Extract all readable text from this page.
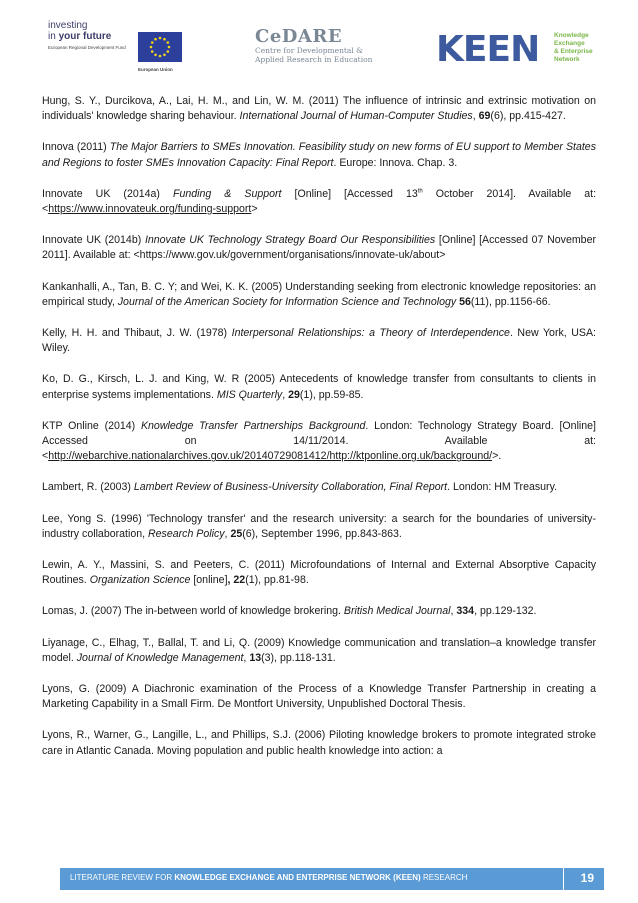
investing
in your future
European Regional Development Fund
European Union
CeDARE
Centre for Developmental &
Applied Research in Education	KEEN Knowledge
Exchange
& Enterprise
Network

Hung, S. Y., Durcikova, A., Lai, H. M., and Lin, W. M. (2011) The influence of intrinsic and extrinsic motivation on individuals' knowledge sharing behaviour. International Journal of Human-Computer Studies, 69(6), pp.415-427.

Innova (2011) The Major Barriers to SMEs Innovation. Feasibility study on new forms of EU support to Member States and Regions to foster SMEs Innovation Capacity: Final Report. Europe: Innova. Chap. 3.

Innovate UK (2014a) Funding & Support [Online] [Accessed 13th October 2014]. Available at: <https://www.innovateuk.org/funding-support>

Innovate UK (2014b) Innovate UK Technology Strategy Board Our Responsibilities [Online] [Accessed 07 November 2011]. Available at: <https://www.gov.uk/government/organisations/innovate-uk/about>

Kankanhalli, A., Tan, B. C. Y; and Wei, K. K. (2005) Understanding seeking from electronic knowledge repositories: an empirical study, Journal of the American Society for Information Science and Technology 56(11), pp.1156-66.

Kelly, H. H. and Thibaut, J. W. (1978) Interpersonal Relationships: a Theory of Interdependence. New York, USA: Wiley.

Ko, D. G., Kirsch, L. J. and King, W. R (2005) Antecedents of knowledge transfer from consultants to clients in enterprise systems implementations. MIS Quarterly, 29(1), pp.59-85.

KTP Online (2014) Knowledge Transfer Partnerships Background. London: Technology Strategy Board. [Online] Accessed on 14/11/2014. Available at: <http://webarchive.nationalarchives.gov.uk/20140729081412/http://ktponline.org.uk/background/>.

Lambert, R. (2003) Lambert Review of Business-University Collaboration, Final Report. London: HM Treasury.

Lee, Yong S. (1996) 'Technology transfer' and the research university: a search for the boundaries of university-industry collaboration, Research Policy, 25(6), September 1996, pp.843-863.

Lewin, A. Y., Massini, S. and Peeters, C. (2011) Microfoundations of Internal and External Absorptive Capacity Routines. Organization Science [online], 22(1), pp.81-98.

Lomas, J. (2007) The in-between world of knowledge brokering. British Medical Journal, 334, pp.129-132.

Liyanage, C., Elhag, T., Ballal, T. and Li, Q. (2009) Knowledge communication and translation–a knowledge transfer model. Journal of Knowledge Management, 13(3), pp.118-131.

Lyons, G. (2009) A Diachronic examination of the Process of a Knowledge Transfer Partnership in creating a Marketing Capability in a Small Firm. De Montfort University, Unpublished Doctoral Thesis.

Lyons, R., Warner, G., Langille, L., and Phillips, S.J. (2006) Piloting knowledge brokers to promote integrated stroke care in Atlantic Canada. Moving population and public health knowledge into action: a

LITERATURE REVIEW FOR KNOWLEDGE EXCHANGE AND ENTERPRISE NETWORK (KEEN) RESEARCH	19
